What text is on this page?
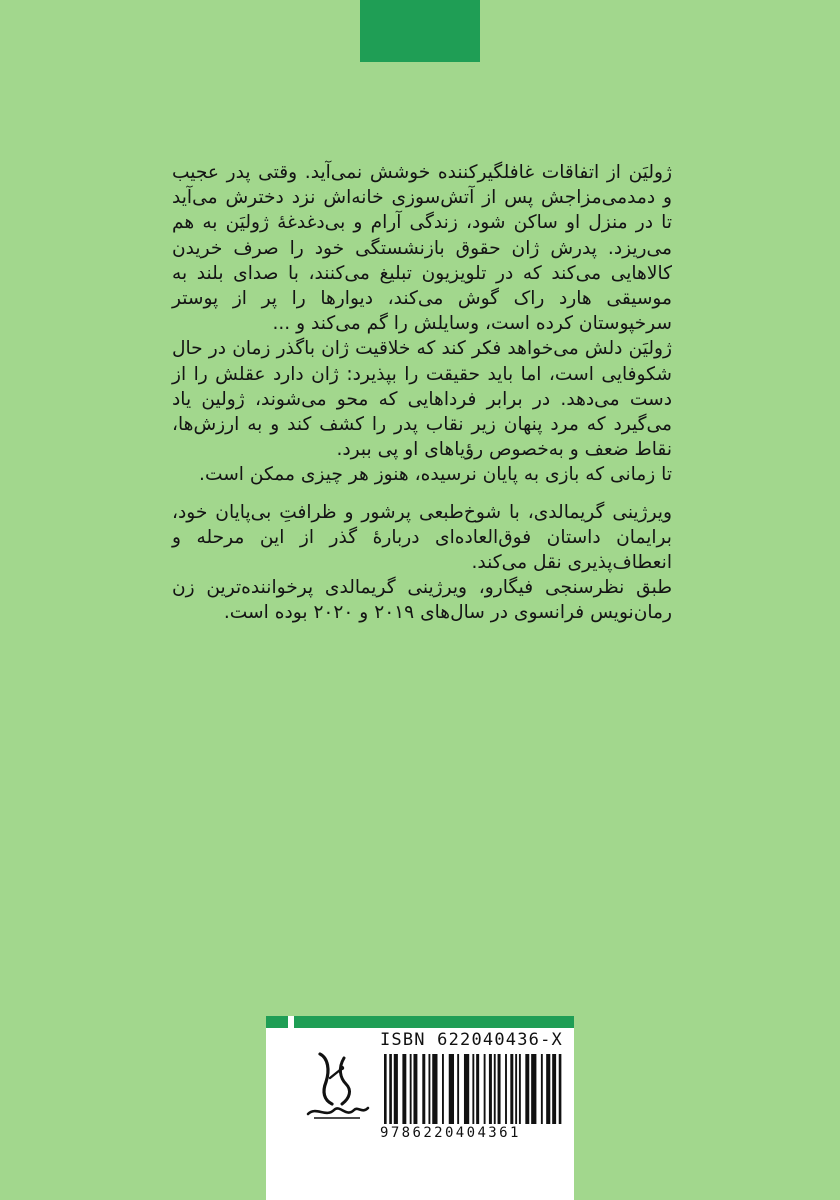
ژولیَن از اتفاقات غافلگیرکننده خوشش نمی‌آید. وقتی پدر عجیب و دمدمی‌مزاجش پس از آتش‌سوزی خانه‌اش نزد دخترش می‌آید تا در منزل او ساکن شود، زندگی آرام و بی‌دغدغهٔ ژولیَن به هم می‌ریزد. پدرش ژان حقوق بازنشستگی خود را صرف خریدن کالاهایی می‌کند که در تلویزیون تبلیغ می‌کنند، با صدای بلند به موسیقی هارد راک گوش می‌کند، دیوارها را پر از پوستر سرخپوستان کرده است، وسایلش را گم می‌کند و ...

ژولیَن دلش می‌خواهد فکر کند که خلاقیت ژان باگذر زمان در حال شکوفایی است، اما باید حقیقت را بپذیرد: ژان دارد عقلش را از دست می‌دهد. در برابر فرداهایی که محو می‌شوند، ژولین یاد می‌گیرد که مرد پنهان زیر نقاب پدر را کشف کند و به ارزش‌ها، نقاط ضعف و به‌خصوص رؤیاهای او پی ببرد.

تا زمانی که بازی به پایان نرسیده، هنوز هر چیزی ممکن است.

ویرژینی گریمالدی، با شوخ‌طبعی پرشور و ظرافتِ بی‌پایان خود، برایمان داستان فوق‌العاده‌ای دربارهٔ گذر از این مرحله و انعطاف‌پذیری نقل می‌کند.

طبق نظرسنجی فیگارو، ویرژینی گریمالدی پرخواننده‌ترین زن رمان‌نویس فرانسوی در سال‌های ۲۰۱۹ و ۲۰۲۰ بوده است.

ISBN 622040436-X
9786220404361
